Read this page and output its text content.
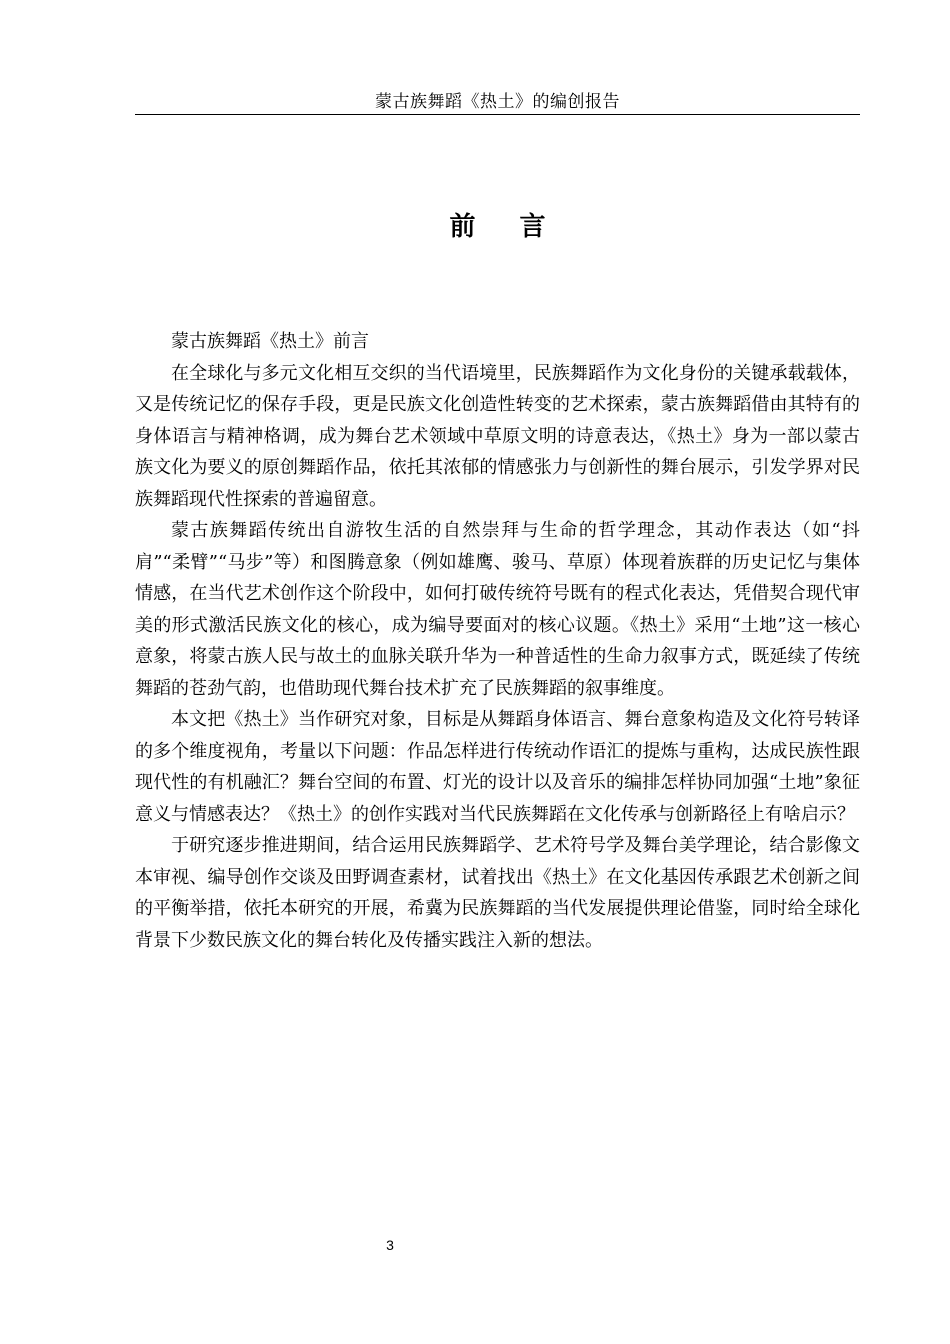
蒙古族舞蹈《热土》的编创报告
前言

蒙古族舞蹈《热土》前言

在全球化与多元文化相互交织的当代语境里，民族舞蹈作为文化身份的关键承载载体，又是传统记忆的保存手段，更是民族文化创造性转变的艺术探索，蒙古族舞蹈借由其特有的身体语言与精神格调，成为舞台艺术领域中草原文明的诗意表达，《热土》身为一部以蒙古族文化为要义的原创舞蹈作品，依托其浓郁的情感张力与创新性的舞台展示，引发学界对民族舞蹈现代性探索的普遍留意。

蒙古族舞蹈传统出自游牧生活的自然崇拜与生命的哲学理念，其动作表达（如“抖肩”“柔臂”“马步”等）和图腾意象（例如雄鹰、骏马、草原）体现着族群的历史记忆与集体情感，在当代艺术创作这个阶段中，如何打破传统符号既有的程式化表达，凭借契合现代审美的形式激活民族文化的核心，成为编导要面对的核心议题。《热土》采用“土地”这一核心意象，将蒙古族人民与故土的血脉关联升华为一种普适性的生命力叙事方式，既延续了传统舞蹈的苍劲气韵，也借助现代舞台技术扩充了民族舞蹈的叙事维度。

本文把《热土》当作研究对象，目标是从舞蹈身体语言、舞台意象构造及文化符号转译的多个维度视角，考量以下问题：作品怎样进行传统动作语汇的提炼与重构，达成民族性跟现代性的有机融汇？舞台空间的布置、灯光的设计以及音乐的编排怎样协同加强“土地”象征意义与情感表达？《热土》的创作实践对当代民族舞蹈在文化传承与创新路径上有啥启示？

于研究逐步推进期间，结合运用民族舞蹈学、艺术符号学及舞台美学理论，结合影像文本审视、编导创作交谈及田野调查素材，试着找出《热土》在文化基因传承跟艺术创新之间的平衡举措，依托本研究的开展，希冀为民族舞蹈的当代发展提供理论借鉴，同时给全球化背景下少数民族文化的舞台转化及传播实践注入新的想法。

3
